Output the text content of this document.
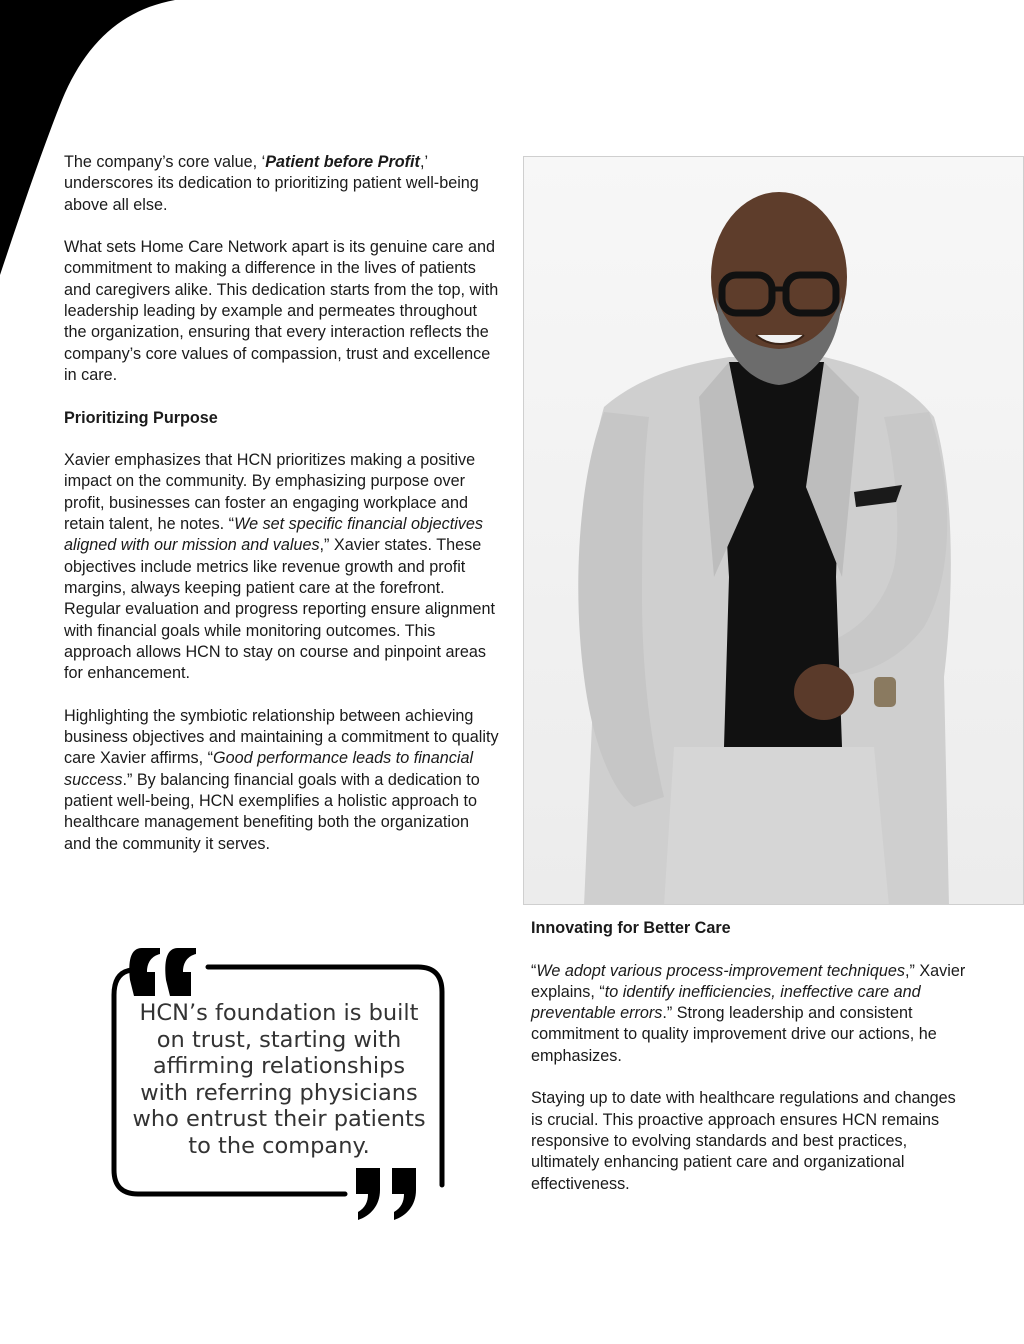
The company’s core value, ‘Patient before Profit,’ underscores its dedication to prioritizing patient well-being above all else.

What sets Home Care Network apart is its genuine care and commitment to making a difference in the lives of patients and caregivers alike. This dedication starts from the top, with leadership leading by example and permeates throughout the organization, ensuring that every interaction reflects the company’s core values of compassion, trust and excellence in care.

Prioritizing Purpose

Xavier emphasizes that HCN prioritizes making a positive impact on the community. By emphasizing purpose over profit, businesses can foster an engaging workplace and retain talent, he notes. “We set specific financial objectives aligned with our mission and values,” Xavier states. These objectives include metrics like revenue growth and profit margins, always keeping patient care at the forefront. Regular evaluation and progress reporting ensure alignment with financial goals while monitoring outcomes. This approach allows HCN to stay on course and pinpoint areas for enhancement.

Highlighting the symbiotic relationship between achieving business objectives and maintaining a commitment to quality care Xavier affirms, “Good performance leads to financial success.” By balancing financial goals with a dedication to patient well-being, HCN exemplifies a holistic approach to healthcare management benefiting both the organization and the community it serves.

Innovating for Better Care

“We adopt various process-improvement techniques,” Xavier explains, “to identify inefficiencies, ineffective care and preventable errors.” Strong leadership and consistent commitment to quality improvement drive our actions, he emphasizes.

Staying up to date with healthcare regulations and changes is crucial. This proactive approach ensures HCN remains responsive to evolving standards and best practices, ultimately enhancing patient care and organizational effectiveness.

HCN’s foundation is built on trust, starting with affirming relationships with referring physicians who entrust their patients to the company.
